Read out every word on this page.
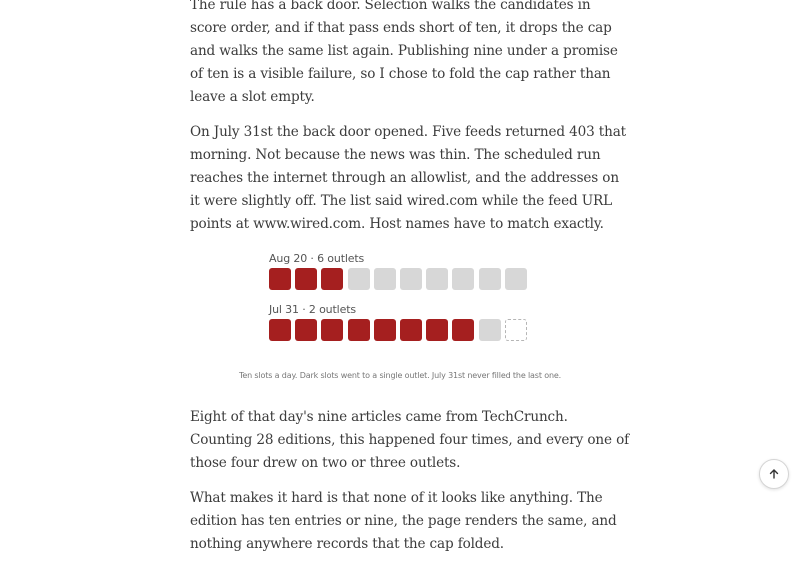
The rule has a back door. Selection walks the candidates in score order, and if that pass ends short of ten, it drops the cap and walks the same list again. Publishing nine under a promise of ten is a visible failure, so I chose to fold the cap rather than leave a slot empty.

On July 31st the back door opened. Five feeds returned 403 that morning. Not because the news was thin. The scheduled run reaches the internet through an allowlist, and the addresses on it were slightly off. The list said wired.com while the feed URL points at www.wired.com. Host names have to match exactly.

Aug 20 · 6 outlets
Jul 31 · 2 outlets
Ten slots a day. Dark slots went to a single outlet. July 31st never filled the last one.

Eight of that day's nine articles came from TechCrunch. Counting 28 editions, this happened four times, and every one of those four drew on two or three outlets.

What makes it hard is that none of it looks like anything. The edition has ten entries or nine, the page renders the same, and nothing anywhere records that the cap folded.
